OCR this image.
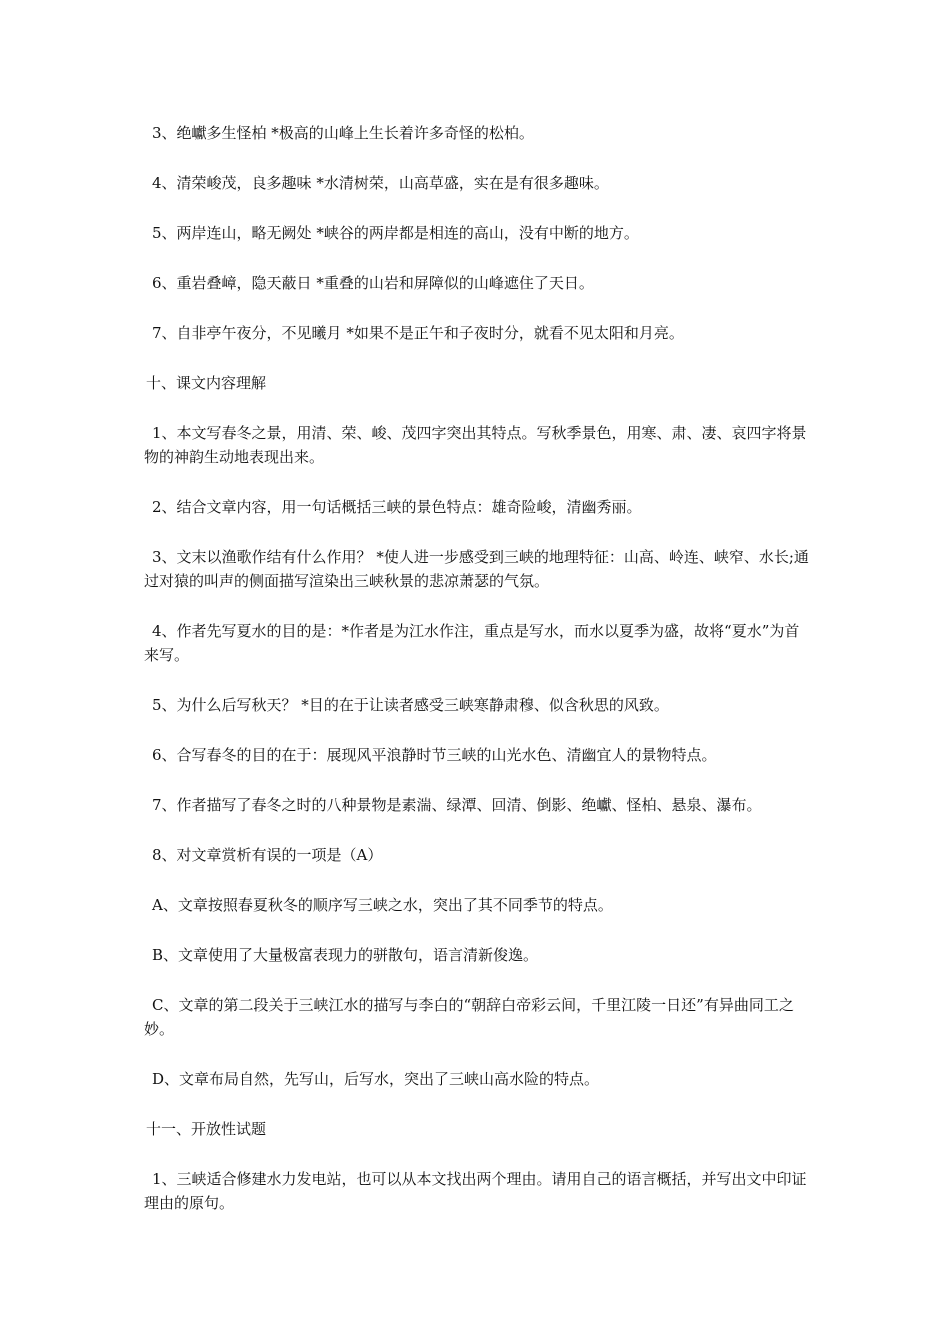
3、绝巘多生怪柏 *极高的山峰上生长着许多奇怪的松柏。

4、清荣峻茂，良多趣味 *水清树荣，山高草盛，实在是有很多趣味。

5、两岸连山，略无阙处 *峡谷的两岸都是相连的高山，没有中断的地方。

6、重岩叠嶂，隐天蔽日 *重叠的山岩和屏障似的山峰遮住了天日。

7、自非亭午夜分，不见曦月 *如果不是正午和子夜时分，就看不见太阳和月亮。

十、课文内容理解

1、本文写春冬之景，用清、荣、峻、茂四字突出其特点。写秋季景色，用寒、肃、凄、哀四字将景物的神韵生动地表现出来。

2、结合文章内容，用一句话概括三峡的景色特点：雄奇险峻，清幽秀丽。

3、文末以渔歌作结有什么作用？ *使人进一步感受到三峡的地理特征：山高、岭连、峡窄、水长;通过对猿的叫声的侧面描写渲染出三峡秋景的悲凉萧瑟的气氛。

4、作者先写夏水的目的是：*作者是为江水作注，重点是写水，而水以夏季为盛，故将“夏水”为首来写。

5、为什么后写秋天？ *目的在于让读者感受三峡寒静肃穆、似含秋思的风致。

6、合写春冬的目的在于：展现风平浪静时节三峡的山光水色、清幽宜人的景物特点。

7、作者描写了春冬之时的八种景物是素湍、绿潭、回清、倒影、绝巘、怪柏、悬泉、瀑布。

8、对文章赏析有误的一项是（A）

A、文章按照春夏秋冬的顺序写三峡之水，突出了其不同季节的特点。

B、文章使用了大量极富表现力的骈散句，语言清新俊逸。

C、文章的第二段关于三峡江水的描写与李白的“朝辞白帝彩云间，千里江陵一日还”有异曲同工之妙。

D、文章布局自然，先写山，后写水，突出了三峡山高水险的特点。

十一、开放性试题

1、三峡适合修建水力发电站，也可以从本文找出两个理由。请用自己的语言概括，并写出文中印证理由的原句。
